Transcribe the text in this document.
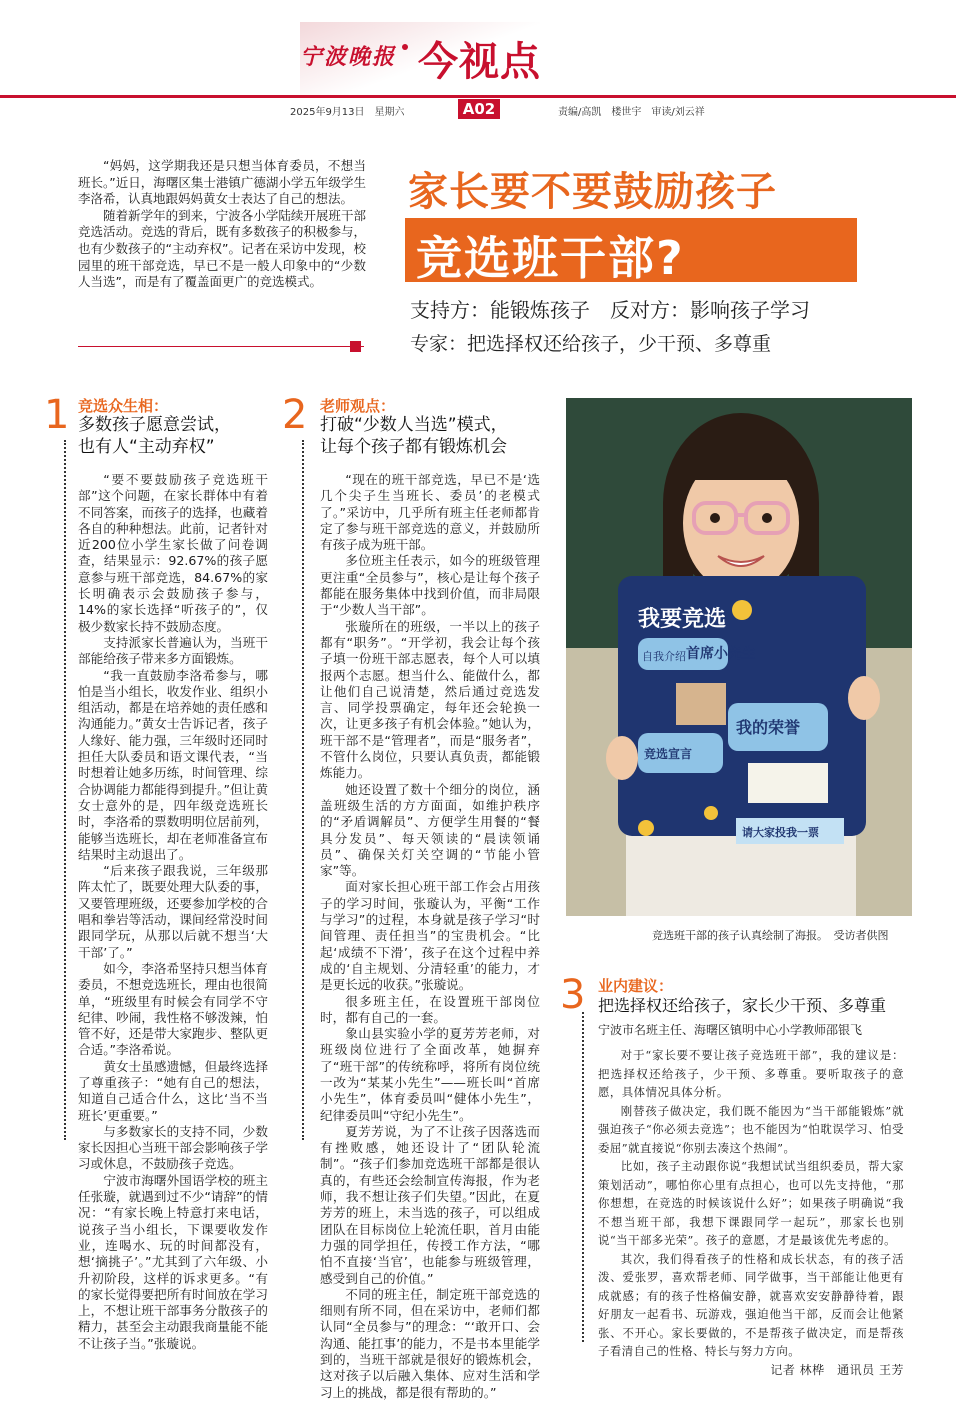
宁波晚报 今视点
2025年9月13日　星期六	A02	责编/高凯　楼世宇　审读/刘云祥

“妈妈，这学期我还是只想当体育委员，不想当班长。”近日，海曙区集士港镇广德湖小学五年级学生李洛希，认真地跟妈妈黄女士表达了自己的想法。

随着新学年的到来，宁波各小学陆续开展班干部竞选活动。竞选的背后，既有多数孩子的积极参与，也有少数孩子的“主动弃权”。记者在采访中发现，校园里的班干部竞选，早已不是一般人印象中的“少数人当选”，而是有了覆盖面更广的竞选模式。

家长要不要鼓励孩子
竞选班干部?
支持方：能锻炼孩子　反对方：影响孩子学习
专家：把选择权还给孩子，少干预、多尊重
1 竞选众生相：
多数孩子愿意尝试，
也有人“主动弃权”

“要不要鼓励孩子竞选班干部”这个问题，在家长群体中有着不同答案，而孩子的选择，也藏着各自的种种想法。此前，记者针对近200位小学生家长做了问卷调查，结果显示：92.67%的孩子愿意参与班干部竞选，84.67%的家长明确表示会鼓励孩子参与，14%的家长选择“听孩子的”，仅极少数家长持不鼓励态度。

支持派家长普遍认为，当班干部能给孩子带来多方面锻炼。

“我一直鼓励李洛希参与，哪怕是当小组长，收发作业、组织小组活动，都是在培养她的责任感和沟通能力。”黄女士告诉记者，孩子人缘好、能力强，三年级时还同时担任大队委员和语文课代表，“当时想着让她多历练，时间管理、综合协调能力都能得到提升。”但让黄女士意外的是，四年级竞选班长时，李洛希的票数明明位居前列，能够当选班长，却在老师准备宣布结果时主动退出了。

“后来孩子跟我说，三年级那阵太忙了，既要处理大队委的事，又要管理班级，还要参加学校的合唱和拳岩等活动，课间经常没时间跟同学玩，从那以后就不想当‘大干部’了。”

如今，李洛希坚持只想当体育委员，不想竞选班长，理由也很简单，“班级里有时候会有同学不守纪律、吵闹，我性格不够泼辣，怕管不好，还是带大家跑步、整队更合适。”李洛希说。

黄女士虽感遗憾，但最终选择了尊重孩子：“她有自己的想法，知道自己适合什么，这比‘当不当班长’更重要。”

与多数家长的支持不同，少数家长因担心当班干部会影响孩子学习或休息，不鼓励孩子竞选。

宁波市海曙外国语学校的班主任张璇，就遇到过不少“请辞”的情况：“有家长晚上特意打来电话，说孩子当小组长，下课要收发作业，连喝水、玩的时间都没有，想‘摘挑子’。”尤其到了六年级、小升初阶段，这样的诉求更多。“有的家长觉得要把所有时间放在学习上，不想让班干部事务分散孩子的精力，甚至会主动跟我商量能不能不让孩子当。”张璇说。

2 老师观点：
打破“少数人当选”模式，
让每个孩子都有锻炼机会

“现在的班干部竞选，早已不是‘选几个尖子生当班长、委员’的老模式了。”采访中，几乎所有班主任老师都肯定了参与班干部竞选的意义，并鼓励所有孩子成为班干部。

多位班主任表示，如今的班级管理更注重“全员参与”，核心是让每个孩子都能在服务集体中找到价值，而非局限于“少数人当干部”。

张璇所在的班级，一半以上的孩子都有“职务”。“开学初，我会让每个孩子填一份班干部志愿表，每个人可以填报两个志愿。想当什么、能做什么，都让他们自己说清楚，然后通过竞选发言、同学投票确定，每年还会轮换一次，让更多孩子有机会体验。”她认为，班干部不是“管理者”，而是“服务者”，不管什么岗位，只要认真负责，都能锻炼能力。

她还设置了数十个细分的岗位，涵盖班级生活的方方面面，如维护秩序的“矛盾调解员”、方便学生用餐的“餐具分发员”、每天领读的“晨读领诵员”、确保关灯关空调的“节能小管家”等。

面对家长担心班干部工作会占用孩子的学习时间，张璇认为，平衡“工作与学习”的过程，本身就是孩子学习“时间管理、责任担当”的宝贵机会。“比起‘成绩不下滑’，孩子在这个过程中养成的‘自主规划、分清轻重’的能力，才是更长远的收获。”张璇说。

很多班主任，在设置班干部岗位时，都有自己的一套。

象山县实验小学的夏芳芳老师，对班级岗位进行了全面改革，她摒弃了“班干部”的传统称呼，将所有岗位统一改为“某某小先生”——班长叫“首席小先生”，体育委员叫“健体小先生”，纪律委员叫“守纪小先生”。

夏芳芳说，为了不让孩子因落选而有挫败感，她还设计了“团队轮流制”。“孩子们参加竞选班干部都是很认真的，有些还会绘制宣传海报，作为老师，我不想让孩子们失望。”因此，在夏芳芳的班上，未当选的孩子，可以组成团队在目标岗位上轮流任职，首月由能力强的同学担任，传授工作方法，“哪怕不直接‘当官’，也能参与班级管理，感受到自己的价值。”

不同的班主任，制定班干部竞选的细则有所不同，但在采访中，老师们都认同“全员参与”的理念：“‘敢开口、会沟通、能扛事’的能力，不是书本里能学到的，当班干部就是很好的锻炼机会，这对孩子以后融入集体、应对生活和学习上的挑战，都是很有帮助的。”

我要竞选
首席小先生
自我介绍
我的荣誉
竞选宣言
请大家投我一票
竞选班干部的孩子认真绘制了海报。　受访者供图
3 业内建议：
把选择权还给孩子，家长少干预、多尊重
宁波市名班主任、海曙区镇明中心小学教师邵银飞

对于“家长要不要让孩子竞选班干部”，我的建议是：把选择权还给孩子，少干预、多尊重。要听取孩子的意愿，具体情况具体分析。

刚替孩子做决定，我们既不能因为“当干部能锻炼”就强迫孩子“你必须去竞选”；也不能因为“怕耽误学习、怕受委屈”就直接说“你别去凑这个热闹”。

比如，孩子主动跟你说“我想试试当组织委员，帮大家策划活动”，哪怕你心里有点担心，也可以先支持他，“那你想想，在竞选的时候该说什么好”；如果孩子明确说“我不想当班干部，我想下课跟同学一起玩”，那家长也别说“当干部多光荣”。孩子的意愿，才是最该优先考虑的。

其次，我们得看孩子的性格和成长状态，有的孩子活泼、爱张罗，喜欢帮老师、同学做事，当干部能让他更有成就感；有的孩子性格偏安静，就喜欢安安静静待着，跟好朋友一起看书、玩游戏，强迫他当干部，反而会让他紧张、不开心。家长要做的，不是帮孩子做决定，而是帮孩子看清自己的性格、特长与努力方向。

记者 林桦　通讯员 王芳
